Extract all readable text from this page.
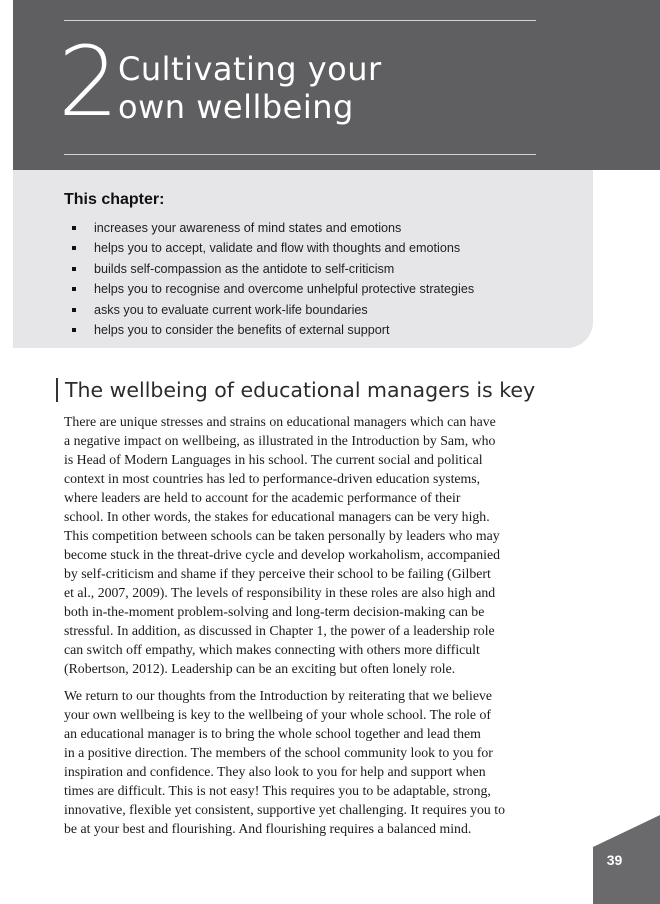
2 Cultivating your
own wellbeing
This chapter:
increases your awareness of mind states and emotions
helps you to accept, validate and flow with thoughts and emotions
builds self-compassion as the antidote to self-criticism
helps you to recognise and overcome unhelpful protective strategies
asks you to evaluate current work-life boundaries
helps you to consider the benefits of external support
The wellbeing of educational managers is key

There are unique stresses and strains on educational managers which can have
a negative impact on wellbeing, as illustrated in the Introduction by Sam, who
is Head of Modern Languages in his school. The current social and political
context in most countries has led to performance-driven education systems,
where leaders are held to account for the academic performance of their
school. In other words, the stakes for educational managers can be very high.
This competition between schools can be taken personally by leaders who may
become stuck in the threat-drive cycle and develop workaholism, accompanied
by self-criticism and shame if they perceive their school to be failing (Gilbert
et al., 2007, 2009). The levels of responsibility in these roles are also high and
both in-the-moment problem-solving and long-term decision-making can be
stressful. In addition, as discussed in Chapter 1, the power of a leadership role
can switch off empathy, which makes connecting with others more difficult
(Robertson, 2012). Leadership can be an exciting but often lonely role.

We return to our thoughts from the Introduction by reiterating that we believe
your own wellbeing is key to the wellbeing of your whole school. The role of
an educational manager is to bring the whole school together and lead them
in a positive direction. The members of the school community look to you for
inspiration and confidence. They also look to you for help and support when
times are difficult. This is not easy! This requires you to be adaptable, strong,
innovative, flexible yet consistent, supportive yet challenging. It requires you to
be at your best and flourishing. And flourishing requires a balanced mind.

39
